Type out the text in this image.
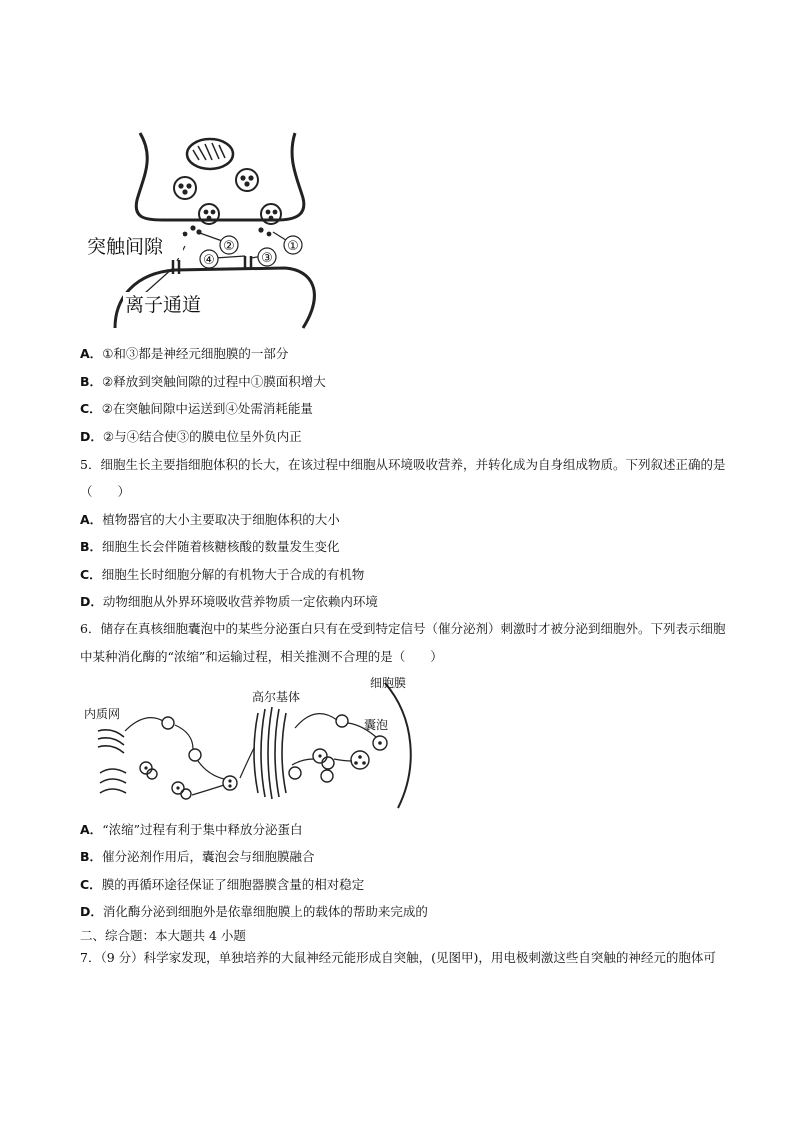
②	①
④	③
突触间隙
离子通道
A．①和③都是神经元细胞膜的一部分
B．②释放到突触间隙的过程中①膜面积增大
C．②在突触间隙中运送到④处需消耗能量
D．②与④结合使③的膜电位呈外负内正
5．细胞生长主要指细胞体积的长大，在该过程中细胞从环境吸收营养，并转化成为自身组成物质。下列叙述正确的是
（　　）
A．植物器官的大小主要取决于细胞体积的大小
B．细胞生长会伴随着核糖核酸的数量发生变化
C．细胞生长时细胞分解的有机物大于合成的有机物
D．动物细胞从外界环境吸收营养物质一定依赖内环境
6．储存在真核细胞囊泡中的某些分泌蛋白只有在受到特定信号（催分泌剂）刺激时才被分泌到细胞外。下列表示细胞
中某种消化酶的“浓缩”和运输过程，相关推测不合理的是（　　）
内质网
高尔基体
细胞膜
囊泡
A．“浓缩”过程有利于集中释放分泌蛋白
B．催分泌剂作用后，囊泡会与细胞膜融合
C．膜的再循环途径保证了细胞器膜含量的相对稳定
D．消化酶分泌到细胞外是依靠细胞膜上的载体的帮助来完成的
二、综合题：本大题共 4 小题
7．（9 分）科学家发现，单独培养的大鼠神经元能形成自突触，(见图甲)，用电极刺激这些自突触的神经元的胞体可
